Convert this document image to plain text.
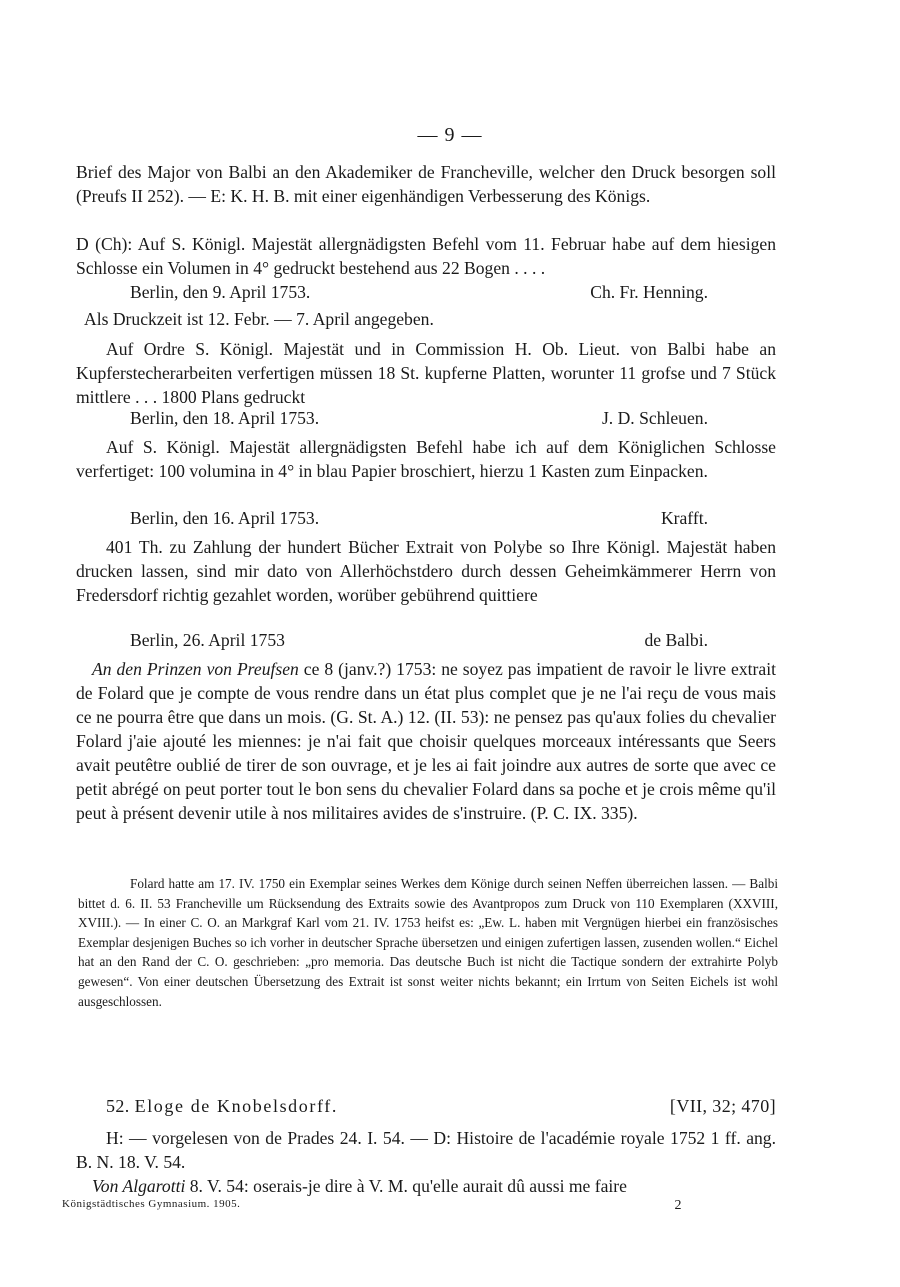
— 9 —

Brief des Major von Balbi an den Akademiker de Francheville, welcher den Druck besorgen soll (Preufs II 252). — E: K. H. B. mit einer eigenhändigen Verbesserung des Königs.

D (Ch): Auf S. Königl. Majestät allergnädigsten Befehl vom 11. Februar habe auf dem hiesigen Schlosse ein Volumen in 4° gedruckt bestehend aus 22 Bogen . . . .

Berlin, den 9. April 1753.	Ch. Fr. Henning.

Als Druckzeit ist 12. Febr. — 7. April angegeben.

Auf Ordre S. Königl. Majestät und in Commission H. Ob. Lieut. von Balbi habe an Kupferstecherarbeiten verfertigen müssen 18 St. kupferne Platten, worunter 11 grofse und 7 Stück mittlere . . . 1800 Plans gedruckt

Berlin, den 18. April 1753.	J. D. Schleuen.

Auf S. Königl. Majestät allergnädigsten Befehl habe ich auf dem Königlichen Schlosse verfertiget: 100 volumina in 4° in blau Papier broschiert, hierzu 1 Kasten zum Einpacken.

Berlin, den 16. April 1753.	Krafft.

401 Th. zu Zahlung der hundert Bücher Extrait von Polybe so Ihre Königl. Majestät haben drucken lassen, sind mir dato von Allerhöchstdero durch dessen Geheimkämmerer Herrn von Fredersdorf richtig gezahlet worden, worüber gebührend quittiere

Berlin, 26. April 1753	de Balbi.

An den Prinzen von Preufsen ce 8 (janv.?) 1753: ne soyez pas impatient de ravoir le livre extrait de Folard que je compte de vous rendre dans un état plus complet que je ne l'ai reçu de vous mais ce ne pourra être que dans un mois. (G. St. A.) 12. (II. 53): ne pensez pas qu'aux folies du chevalier Folard j'aie ajouté les miennes: je n'ai fait que choisir quelques morceaux intéressants que Seers avait peutêtre oublié de tirer de son ouvrage, et je les ai fait joindre aux autres de sorte que avec ce petit abrégé on peut porter tout le bon sens du chevalier Folard dans sa poche et je crois même qu'il peut à présent devenir utile à nos militaires avides de s'instruire. (P. C. IX. 335).

Folard hatte am 17. IV. 1750 ein Exemplar seines Werkes dem Könige durch seinen Neffen überreichen lassen. — Balbi bittet d. 6. II. 53 Francheville um Rücksendung des Extraits sowie des Avantpropos zum Druck von 110 Exemplaren (XXVIII, XVIII.). — In einer C. O. an Markgraf Karl vom 21. IV. 1753 heifst es: „Ew. L. haben mit Vergnügen hierbei ein französisches Exemplar desjenigen Buches so ich vorher in deutscher Sprache übersetzen und einigen zufertigen lassen, zusenden wollen.“ Eichel hat an den Rand der C. O. geschrieben: „pro memoria. Das deutsche Buch ist nicht die Tactique sondern der extrahirte Polyb gewesen“. Von einer deutschen Übersetzung des Extrait ist sonst weiter nichts bekannt; ein Irrtum von Seiten Eichels ist wohl ausgeschlossen.

52. Eloge de Knobelsdorff.	[VII, 32; 470]

H: — vorgelesen von de Prades 24. I. 54. — D: Histoire de l'académie royale 1752 1 ff. ang. B. N. 18. V. 54.

Von Algarotti 8. V. 54: oserais-je dire à V. M. qu'elle aurait dû aussi me faire

Königstädtisches Gymnasium. 1905.	2
